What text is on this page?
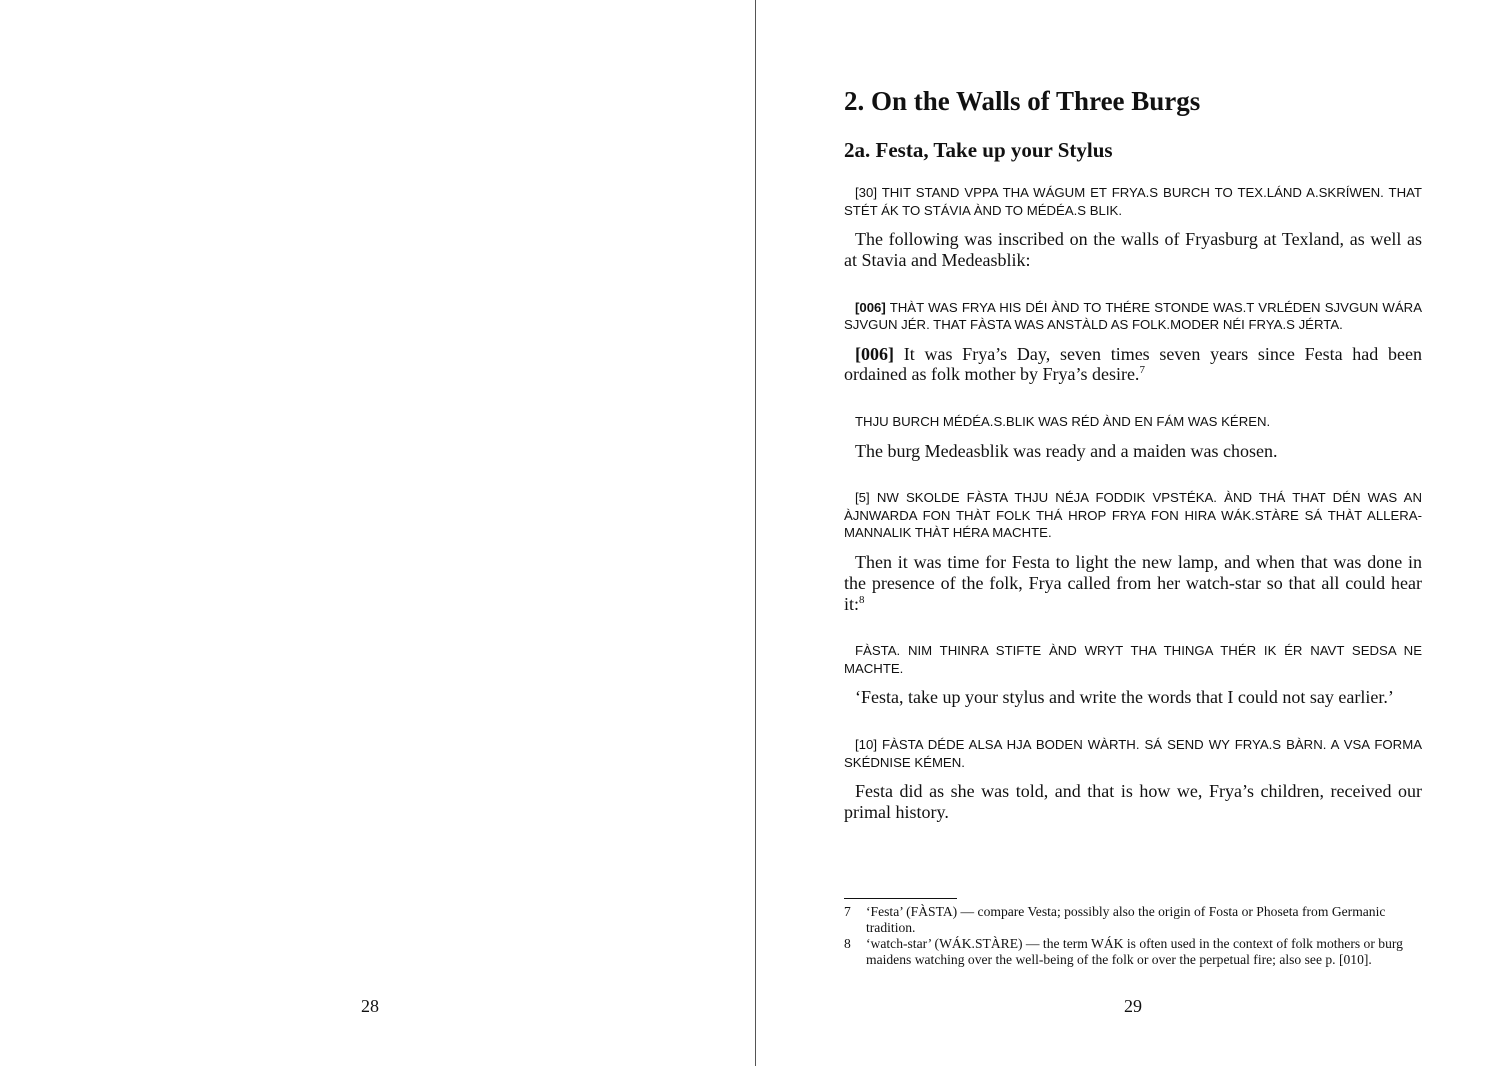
28
2. On the Walls of Three Burgs
2a. Festa, Take up your Stylus

[30] THIT STAND VPPA THA WÁGUM ET FRYA.S BURCH TO TEX.LÁND A.SKRÍWEN. THAT STÉT ÁK TO STÁVIA ÀND TO MÉDÉA.S BLIK.

The following was inscribed on the walls of Fryasburg at Texland, as well as at Stavia and Medeasblik:

[006] THÀT WAS FRYA HIS DÉI ÀND TO THÉRE STONDE WAS.T VRLÉDEN SJVGUN WÁRA SJVGUN JÉR. THAT FÀSTA WAS ANSTÀLD AS FOLK.MODER NÉI FRYA.S JÉRTA.

[006] It was Frya’s Day, seven times seven years since Festa had been ordained as folk mother by Frya’s desire.$^7$

THJU BURCH MÉDÉA.S.BLIK WAS RÉD ÀND EN FÁM WAS KÉREN.

The burg Medeasblik was ready and a maiden was chosen.

[5] NW SKOLDE FÀSTA THJU NÉJA FODDIK VPSTÉKA. ÀND THÁ THAT DÉN WAS AN ÀJNWARDA FON THÀT FOLK THÁ HROP FRYA FON HIRA WÁK.STÀRE SÁ THÀT ALLERA-MANNALIK THÀT HÉRA MACHTE.

Then it was time for Festa to light the new lamp, and when that was done in the presence of the folk, Frya called from her watch-star so that all could hear it:$^8$

FÀSTA. NIM THINRA STIFTE ÀND WRYT THA THINGA THÉR IK ÉR NAVT SEDSA NE MACHTE.

‘Festa, take up your stylus and write the words that I could not say earlier.’

[10] FÀSTA DÉDE ALSA HJA BODEN WÀRTH. SÁ SEND WY FRYA.S BÀRN. A VSA FORMA SKÉDNISE KÉMEN.

Festa did as she was told, and that is how we, Frya’s children, received our primal history.

7	‘Festa’ (FÀSTA) — compare Vesta; possibly also the origin of Fosta or Phoseta from Germanic tradition.
8	‘watch-star’ (WÁK.STÀRE) — the term WÁK is often used in the context of folk mothers or burg maidens watching over the well-being of the folk or over the perpetual fire; also see p. [010].
29
